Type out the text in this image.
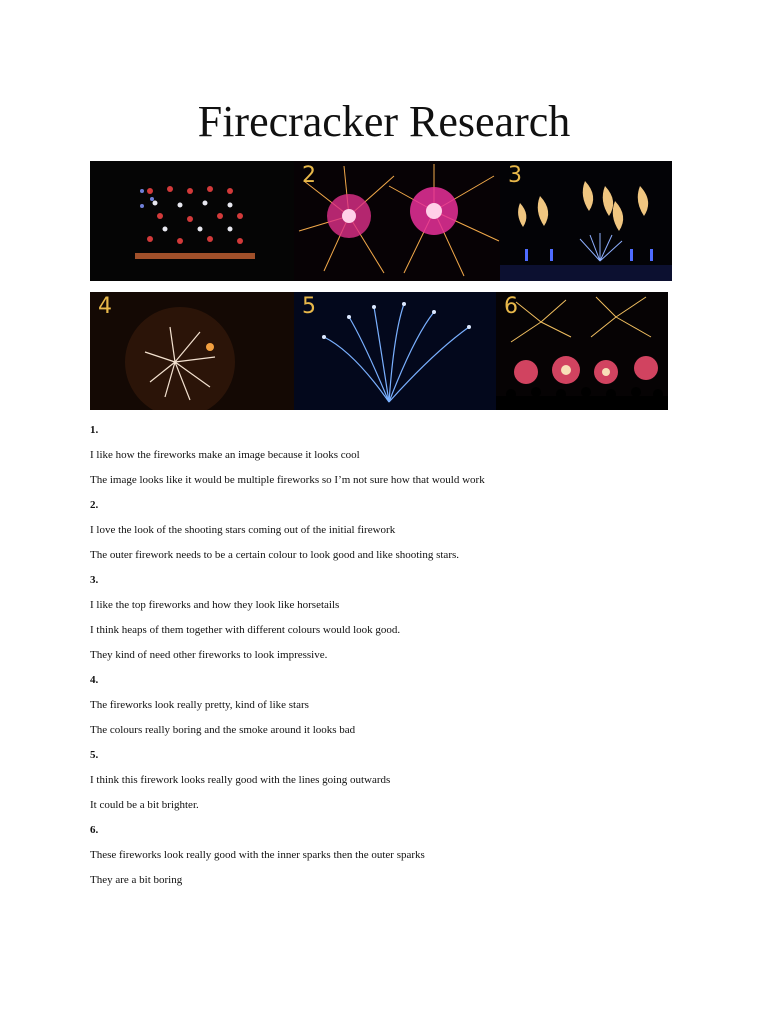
Firecracker Research
2	3
4	5	6
1.
I like how the fireworks make an image because it looks cool
The image looks like it would be multiple fireworks so I’m not sure how that would work
2.
I love the look of the shooting stars coming out of the initial firework
The outer firework needs to be a certain colour to look good and like shooting stars.
3.
I like the top fireworks and how they look like horsetails
I think heaps of them together with different colours would look good.
They kind of need other fireworks to look impressive.
4.
The fireworks look really pretty, kind of like stars
The colours really boring and the smoke around it looks bad
5.
I think this firework looks really good with the lines going outwards
It could be a bit brighter.
6.
These fireworks look really good with the inner sparks then the outer sparks
They are a bit boring
